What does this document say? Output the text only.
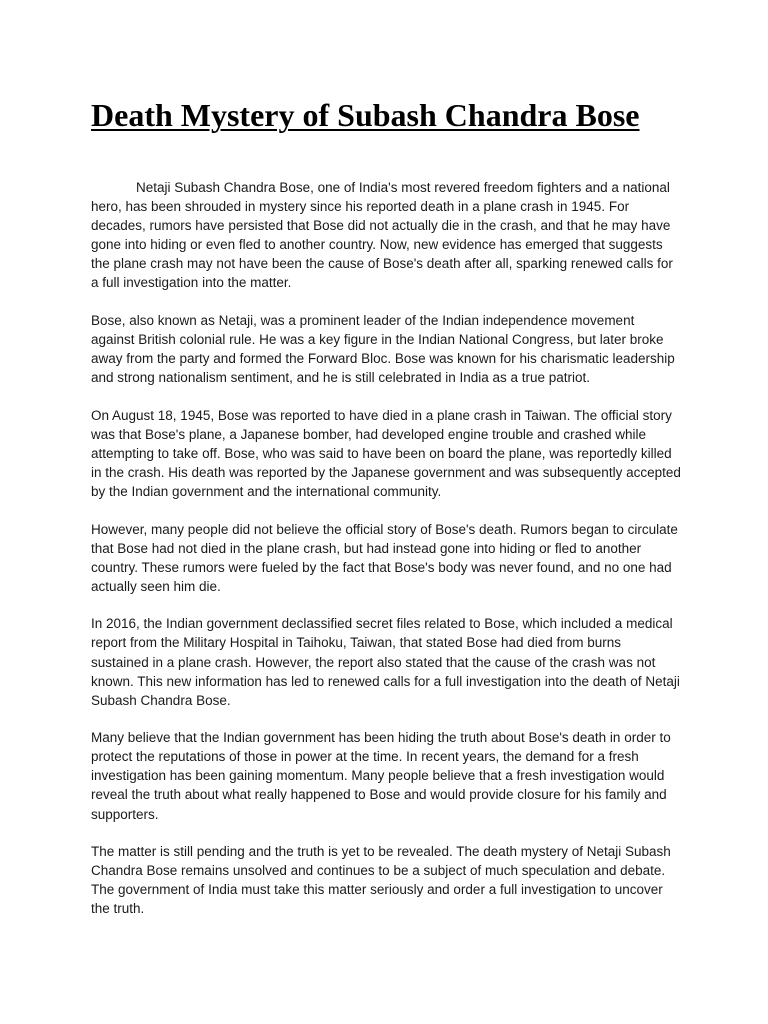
Death Mystery of Subash Chandra Bose

Netaji Subash Chandra Bose, one of India's most revered freedom fighters and a national hero, has been shrouded in mystery since his reported death in a plane crash in 1945. For decades, rumors have persisted that Bose did not actually die in the crash, and that he may have gone into hiding or even fled to another country. Now, new evidence has emerged that suggests the plane crash may not have been the cause of Bose's death after all, sparking renewed calls for a full investigation into the matter.

Bose, also known as Netaji, was a prominent leader of the Indian independence movement against British colonial rule. He was a key figure in the Indian National Congress, but later broke away from the party and formed the Forward Bloc. Bose was known for his charismatic leadership and strong nationalism sentiment, and he is still celebrated in India as a true patriot.

On August 18, 1945, Bose was reported to have died in a plane crash in Taiwan. The official story was that Bose's plane, a Japanese bomber, had developed engine trouble and crashed while attempting to take off. Bose, who was said to have been on board the plane, was reportedly killed in the crash. His death was reported by the Japanese government and was subsequently accepted by the Indian government and the international community.

However, many people did not believe the official story of Bose's death. Rumors began to circulate that Bose had not died in the plane crash, but had instead gone into hiding or fled to another country. These rumors were fueled by the fact that Bose's body was never found, and no one had actually seen him die.

In 2016, the Indian government declassified secret files related to Bose, which included a medical report from the Military Hospital in Taihoku, Taiwan, that stated Bose had died from burns sustained in a plane crash. However, the report also stated that the cause of the crash was not known. This new information has led to renewed calls for a full investigation into the death of Netaji Subash Chandra Bose.

Many believe that the Indian government has been hiding the truth about Bose's death in order to protect the reputations of those in power at the time. In recent years, the demand for a fresh investigation has been gaining momentum. Many people believe that a fresh investigation would reveal the truth about what really happened to Bose and would provide closure for his family and supporters.

The matter is still pending and the truth is yet to be revealed. The death mystery of Netaji Subash Chandra Bose remains unsolved and continues to be a subject of much speculation and debate. The government of India must take this matter seriously and order a full investigation to uncover the truth.
